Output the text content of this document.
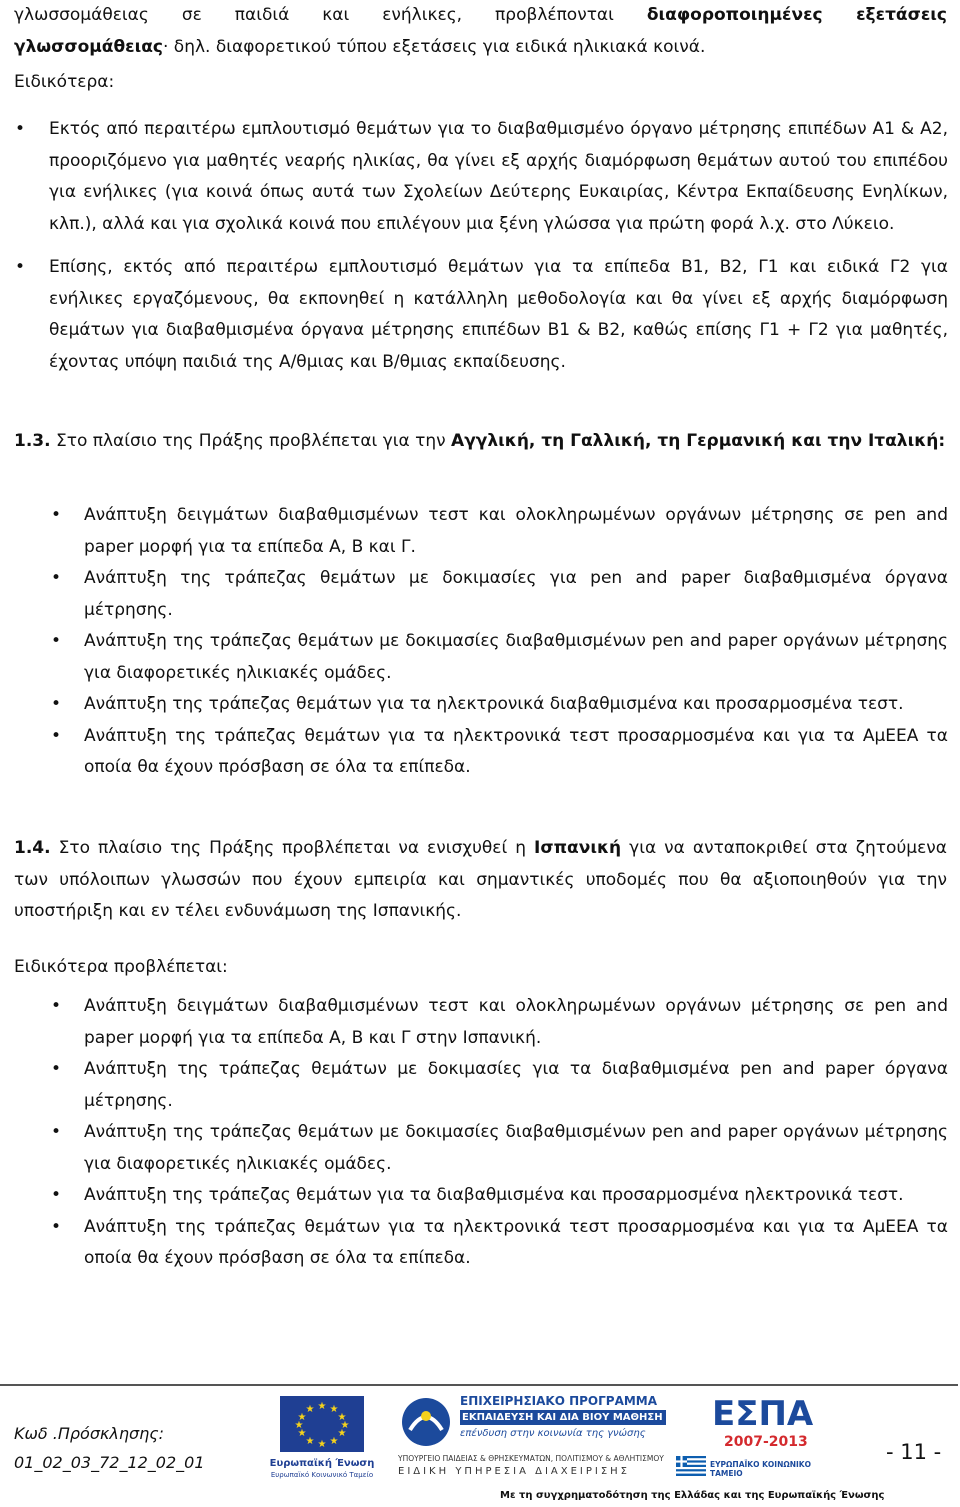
γλωσσομάθειας σε παιδιά και ενήλικες, προβλέπονται διαφοροποιημένες εξετάσεις
γλωσσομάθειας· δηλ. διαφορετικού τύπου εξετάσεις για ειδικά ηλικιακά κοινά.
Ειδικότερα:
• Εκτός από περαιτέρω εμπλουτισμό θεμάτων για το διαβαθμισμένο όργανο μέτρησης επιπέδων Α1 & Α2, προοριζόμενο για μαθητές νεαρής ηλικίας, θα γίνει εξ αρχής διαμόρφωση θεμάτων αυτού του επιπέδου για ενήλικες (για κοινά όπως αυτά των Σχολείων Δεύτερης Ευκαιρίας, Κέντρα Εκπαίδευσης Ενηλίκων, κλπ.), αλλά και για σχολικά κοινά που επιλέγουν μια ξένη γλώσσα για πρώτη φορά λ.χ. στο Λύκειο.
• Επίσης, εκτός από περαιτέρω εμπλουτισμό θεμάτων για τα επίπεδα Β1, Β2, Γ1 και ειδικά Γ2 για ενήλικες εργαζόμενους, θα εκπονηθεί η κατάλληλη μεθοδολογία και θα γίνει εξ αρχής διαμόρφωση θεμάτων για διαβαθμισμένα όργανα μέτρησης επιπέδων Β1 & Β2, καθώς επίσης Γ1 + Γ2 για μαθητές, έχοντας υπόψη παιδιά της Α/θμιας και Β/θμιας εκπαίδευσης.
1.3. Στο πλαίσιο της Πράξης προβλέπεται για την Αγγλική, τη Γαλλική, τη Γερμανική και την Ιταλική:
• Ανάπτυξη δειγμάτων διαβαθμισμένων τεστ και ολοκληρωμένων οργάνων μέτρησης σε pen and paper μορφή για τα επίπεδα Α, Β και Γ.
• Ανάπτυξη της τράπεζας θεμάτων με δοκιμασίες για pen and paper διαβαθμισμένα όργανα μέτρησης.
• Ανάπτυξη της τράπεζας θεμάτων με δοκιμασίες διαβαθμισμένων pen and paper οργάνων μέτρησης για διαφορετικές ηλικιακές ομάδες.
• Ανάπτυξη της τράπεζας θεμάτων για τα ηλεκτρονικά διαβαθμισμένα και προσαρμοσμένα τεστ.
• Ανάπτυξη της τράπεζας θεμάτων για τα ηλεκτρονικά τεστ προσαρμοσμένα και για τα ΑμΕΕΑ τα οποία θα έχουν πρόσβαση σε όλα τα επίπεδα.
1.4. Στο πλαίσιο της Πράξης προβλέπεται να ενισχυθεί η Ισπανική για να ανταποκριθεί στα ζητούμενα των υπόλοιπων γλωσσών που έχουν εμπειρία και σημαντικές υποδομές που θα αξιοποιηθούν για την υποστήριξη και εν τέλει ενδυνάμωση της Ισπανικής.
Ειδικότερα προβλέπεται:
• Ανάπτυξη δειγμάτων διαβαθμισμένων τεστ και ολοκληρωμένων οργάνων μέτρησης σε pen and paper μορφή για τα επίπεδα Α, Β και Γ στην Ισπανική.
• Ανάπτυξη της τράπεζας θεμάτων με δοκιμασίες για τα διαβαθμισμένα pen and paper όργανα μέτρησης.
• Ανάπτυξη της τράπεζας θεμάτων με δοκιμασίες διαβαθμισμένων pen and paper οργάνων μέτρησης για διαφορετικές ηλικιακές ομάδες.
• Ανάπτυξη της τράπεζας θεμάτων για τα διαβαθμισμένα και προσαρμοσμένα ηλεκτρονικά τεστ.
• Ανάπτυξη της τράπεζας θεμάτων για τα ηλεκτρονικά τεστ προσαρμοσμένα και για τα ΑμΕΕΑ τα οποία θα έχουν πρόσβαση σε όλα τα επίπεδα.
Κωδ .Πρόσκλησης:
01_02_03_72_12_02_01
★ ★
★
★
★
★
★
★
★
★
★
★
Ευρωπαϊκή Ένωση
Ευρωπαϊκό Κοινωνικό Ταμείο
ΕΠΙΧΕΙΡΗΣΙΑΚΟ ΠΡΟΓΡΑΜΜΑ
ΕΚΠΑΙΔΕΥΣΗ ΚΑΙ ΔΙΑ ΒΙΟΥ ΜΑΘΗΣΗ
επένδυση στην κοινωνία της γνώσης
ΥΠΟΥΡΓΕΙΟ ΠΑΙΔΕΙΑΣ & ΘΡΗΣΚΕΥΜΑΤΩΝ, ΠΟΛΙΤΙΣΜΟΥ & ΑΘΛΗΤΙΣΜΟΥ
ΕΙΔΙΚΗ ΥΠΗΡΕΣΙΑ ΔΙΑΧΕΙΡΙΣΗΣ
ΕΣΠΑ
2007-2013
ΕΥΡΩΠΑΪΚΟ ΚΟΙΝΩΝΙΚΟ ΤΑΜΕΙΟ
- 11 -
Με τη συγχρηματοδότηση της Ελλάδας και της Ευρωπαϊκής Ένωσης
